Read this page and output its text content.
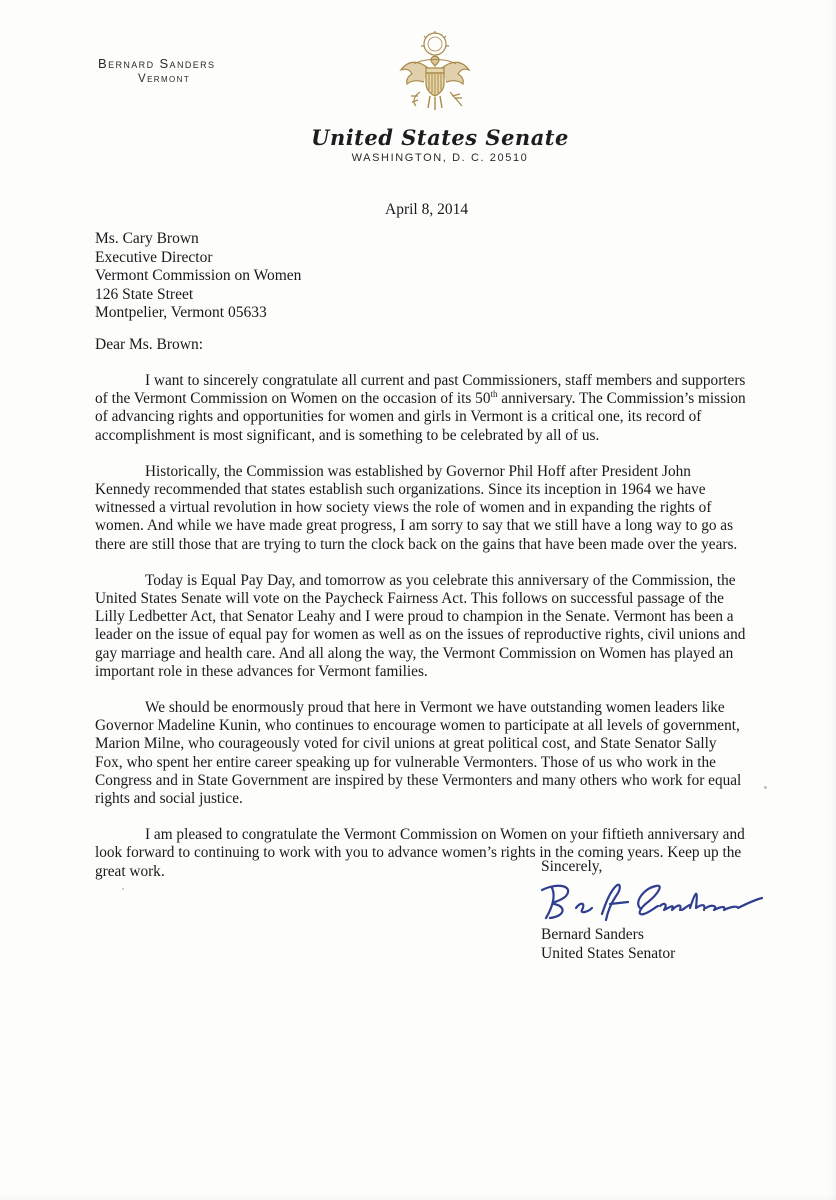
Bernard Sanders
Vermont
United States Senate
WASHINGTON, D. C. 20510
April 8, 2014
Ms. Cary Brown
Executive Director
Vermont Commission on Women
126 State Street
Montpelier, Vermont 05633
Dear Ms. Brown:

I want to sincerely congratulate all current and past Commissioners, staff members and supporters of the Vermont Commission on Women on the occasion of its 50th anniversary. The Commission’s mission of advancing rights and opportunities for women and girls in Vermont is a critical one, its record of accomplishment is most significant, and is something to be celebrated by all of us.

Historically, the Commission was established by Governor Phil Hoff after President John Kennedy recommended that states establish such organizations. Since its inception in 1964 we have witnessed a virtual revolution in how society views the role of women and in expanding the rights of women. And while we have made great progress, I am sorry to say that we still have a long way to go as there are still those that are trying to turn the clock back on the gains that have been made over the years.

Today is Equal Pay Day, and tomorrow as you celebrate this anniversary of the Commission, the United States Senate will vote on the Paycheck Fairness Act. This follows on successful passage of the Lilly Ledbetter Act, that Senator Leahy and I were proud to champion in the Senate. Vermont has been a leader on the issue of equal pay for women as well as on the issues of reproductive rights, civil unions and gay marriage and health care. And all along the way, the Vermont Commission on Women has played an important role in these advances for Vermont families.

We should be enormously proud that here in Vermont we have outstanding women leaders like Governor Madeline Kunin, who continues to encourage women to participate at all levels of government, Marion Milne, who courageously voted for civil unions at great political cost, and State Senator Sally Fox, who spent her entire career speaking up for vulnerable Vermonters. Those of us who work in the Congress and in State Government are inspired by these Vermonters and many others who work for equal rights and social justice.

I am pleased to congratulate the Vermont Commission on Women on your fiftieth anniversary and look forward to continuing to work with you to advance women’s rights in the coming years. Keep up the great work.	Sincerely,
Bernard Sanders
United States Senator
